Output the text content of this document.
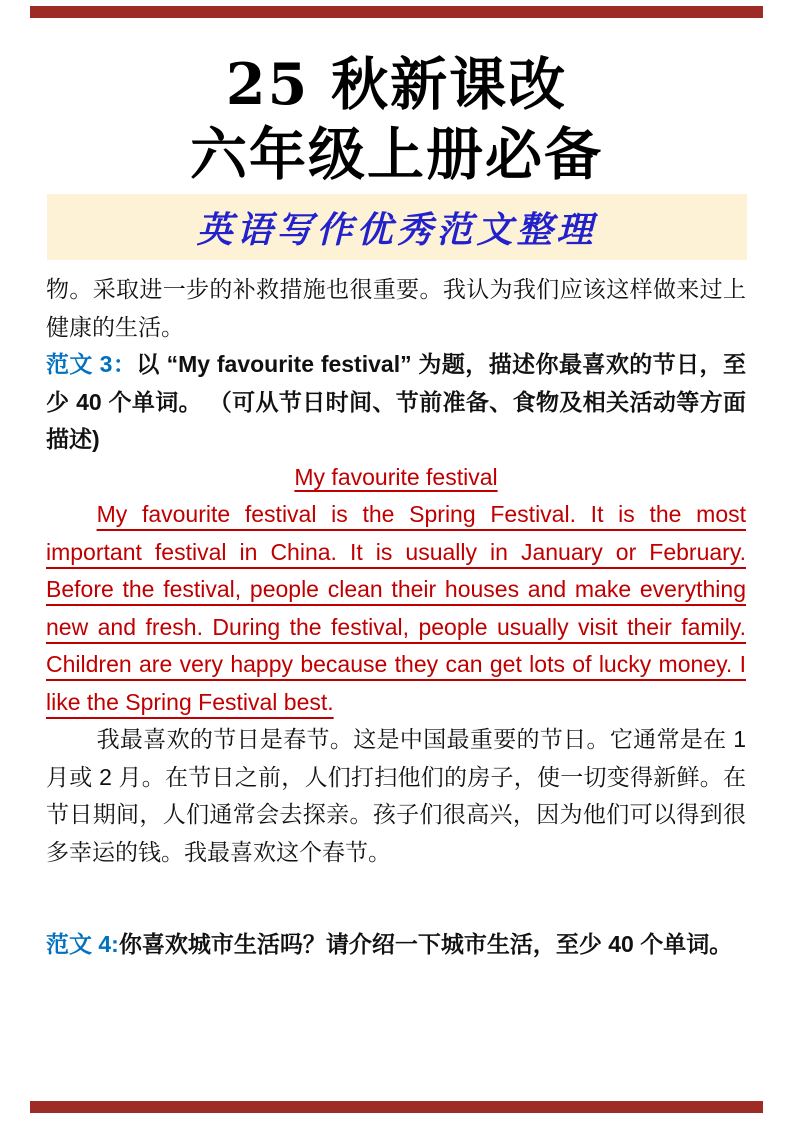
25 秋新课改
六年级上册必备
英语写作优秀范文整理

物。采取进一步的补救措施也很重要。我认为我们应该这样做来过上健康的生活。

范文 3：以 “My favourite festival” 为题，描述你最喜欢的节日，至少 40 个单词。 （可从节日时间、节前准备、食物及相关活动等方面描述)

My favourite festival

My favourite festival is the Spring Festival. It is the most important festival in China. It is usually in January or February. Before the festival, people clean their houses and make everything new and fresh. During the festival, people usually visit their family. Children are very happy because they can get lots of lucky money. I like the Spring Festival best.

我最喜欢的节日是春节。这是中国最重要的节日。它通常是在 1 月或 2 月。在节日之前，人们打扫他们的房子，使一切变得新鲜。在节日期间，人们通常会去探亲。孩子们很高兴，因为他们可以得到很多幸运的钱。我最喜欢这个春节。

范文 4:你喜欢城市生活吗？请介绍一下城市生活，至少 40 个单词。
